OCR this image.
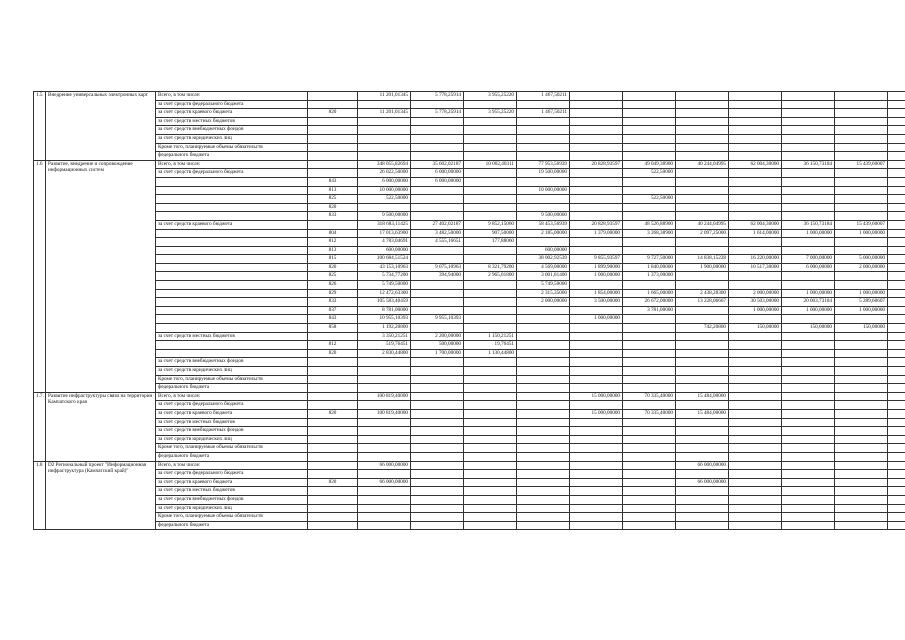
1.5	Внедрение универсальных электронных карт	Всего, в том числе:		11 201,01345	5 778,25914	3 955,25220	1 467,50211							
		за счет средств федерального бюджета												
		за счет средств краевого бюджета	820	11 201,01345	5 778,25914	3 955,25220	1 467,50211							
		за счет средств местных бюджетов												
		за счет средств внебюджетных фондов												
		за счет средств юридических лиц												
		Кроме того, планируемые объемы обязательств												
		федерального бюджета												
1.6	Развитие, внедрение и сопровождение информационных систем	Всего, в том числе:		348 055,82694	35 602,02187	10 002,40311	77 953,56939	20 828,93597	49 049,38900	40 244,04995	62 004,30000	36 150,73184	15 439,60007	
		за счет средств федерального бюджета		26 022,50000	6 000,00000		19 500,00000		522,50000					
			843	6 000,00000	6 000,00000									
			813	10 000,00000			10 000,00000							
			825	522,50000					522,50000					
			820											
			833	9 500,00000			9 500,00000							
		за счет средств краевого бюджета		318 683,11425	27 402,02187	9 852,15060	58 453,56939	20 828,93597	48 526,88900	40 244,04995	62 004,30000	36 150,73184	15 439,60007	
			804	17 013,63900	3 482,50000	907,50000	2 185,00000	1 379,00000	3 268,38900	2 097,25000	1 614,00000	1 000,00000	1 000,00000	
			812	4 783,04691	4 555,16651	177,88060								
			813	600,00000			600,00000							
			815	100 684,51524			38 002,92539	9 855,93597	9 727,50000	14 838,15228	16 220,00000	7 000,00000	5 000,00000	
			820	43 153,10963	9 075,10963	8 321,79200	4 569,00000	1 899,90000	1 840,00000	1 900,00000	10 517,30000	6 000,00000	2 000,00000	
			825	5 734,77200	394,94000	2 965,01800	3 001,81400	1 000,00000	1 373,00000					
			826	5 749,50000			5 749,50000							
			829	12 472,63300			2 315,35000	1 854,00000	1 665,00000	2 438,28300	2 000,00000	1 000,00000	1 000,00000	
			833	105 583,40459			2 000,00000	3 500,00000	26 672,00000	13 228,06667	30 503,00000	20 003,73184	5 289,60607	
			837	8 781,00000					3 781,00000		1 000,00000	1 000,00000	1 000,00000	
			843	10 955,10393	9 955,10393			1 000,00000						
			858	1 192,20800						742,20800	150,00000	150,00000	150,00000	
		за счет средств местных бюджетов		3 350,21251	2 200,00000	1 150,21251								
			812	519,76451	500,00000	19,76451								
			820	2 830,44800	1 700,00000	1 130,44800								
		за счет средств внебюджетных фондов												
		за счет средств юридических лиц												
		Кроме того, планируемые объемы обязательств												
		федерального бюджета												
1.7.	Развитие инфраструктуры связи на территории Камчатского края	Всего, в том числе:		100 819,40000				15 000,00000	70 335,40000	15 484,00000				
		за счет средств федерального бюджета												
		за счет средств краевого бюджета	820	100 819,40000				15 000,00000	70 335,40000	15 484,00000				
		за счет средств местных бюджетов												
		за счет средств внебюджетных фондов												
		за счет средств юридических лиц												
		Кроме того, планируемые объемы обязательств												
		федерального бюджета												
1.8	D2 Региональный проект "Информационная инфраструктура (Камчатский край)"	Всего, в том числе:		66 000,00000						66 000,00000				
		за счет средств федерального бюджета												
		за счет средств краевого бюджета	820	66 000,00000						66 000,00000				
		за счет средств местных бюджетов												
		за счет средств внебюджетных фондов												
		за счет средств юридических лиц												
		Кроме того, планируемые объемы обязательств												
		федерального бюджета												
